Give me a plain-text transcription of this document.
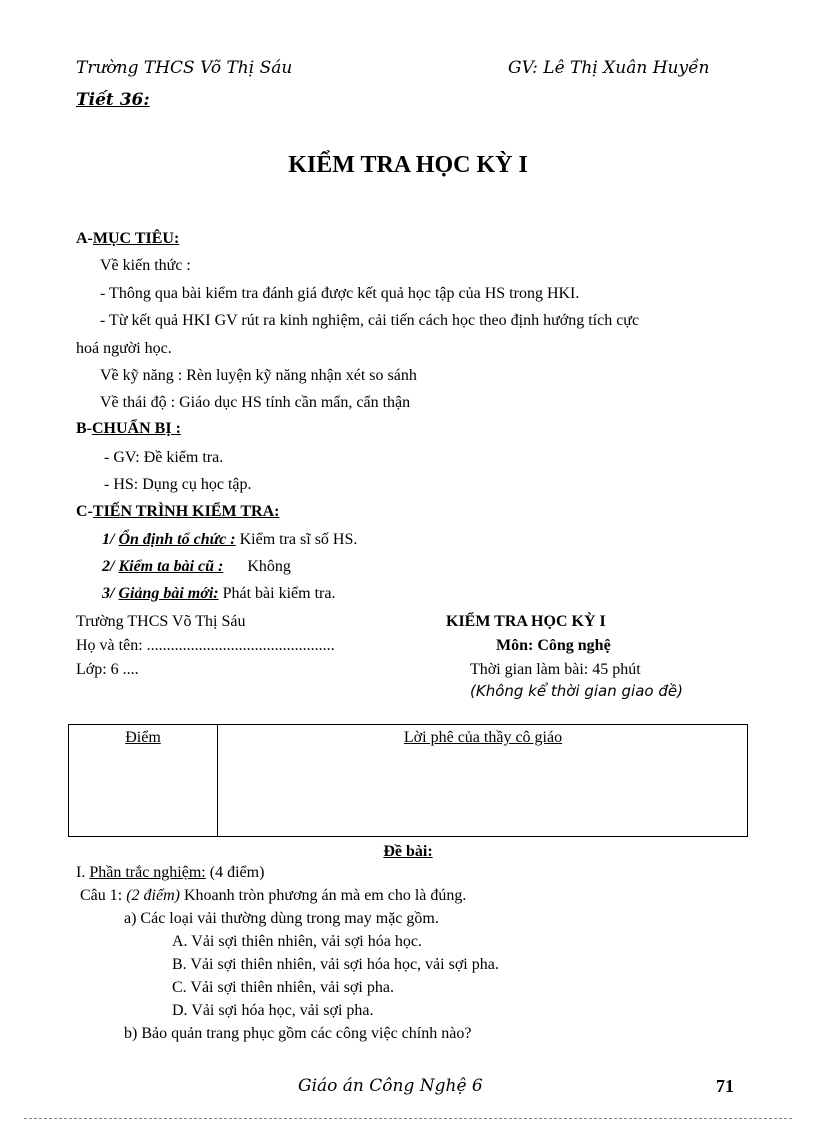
Trường THCS Võ Thị Sáu	GV: Lê Thị Xuân Huyền
Tiết 36:
KIỂM TRA HỌC KỲ I
A-MỤC TIÊU:
Về kiến thức :
- Thông qua bài kiểm tra đánh giá được kết quả học tập của HS trong HKI.
- Từ kết quả HKI GV rút ra kinh nghiệm, cải tiến cách học theo định hướng tích cực
hoá người học.
Về kỹ năng : Rèn luyện kỹ năng nhận xét so sánh
Về thái độ : Giáo dục HS tính cần mẩn, cẩn thận
B-CHUẨN BỊ :
- GV: Đề kiểm tra.
- HS: Dụng cụ học tập.
C-TIẾN TRÌNH KIỂM TRA:
1/ Ổn định tổ chức : Kiểm tra sĩ số HS.
2/ Kiểm ta bài cũ : Không
3/ Giảng bài mới: Phát bài kiểm tra.
Trường THCS Võ Thị Sáu
Họ và tên: ...............................................
Lớp: 6 ....
KIỂM TRA HỌC KỲ I
Môn: Công nghệ
Thời gian làm bài: 45 phút
(Không kể thời gian giao đề)
Điểm	Lời phê của thầy cô giáo
Đề bài:
I. Phần trắc nghiệm: (4 điểm)
Câu 1: (2 điểm) Khoanh tròn phương án mà em cho là đúng.
a) Các loại vải thường dùng trong may mặc gồm.
A. Vải sợi thiên nhiên, vải sợi hóa học.
B. Vải sợi thiên nhiên, vải sợi hóa học, vải sợi pha.
C. Vải sợi thiên nhiên, vải sợi pha.
D. Vải sợi hóa học, vải sợi pha.
b) Bảo quản trang phục gồm các công việc chính nào?
Giáo án Công Nghệ 6	71
